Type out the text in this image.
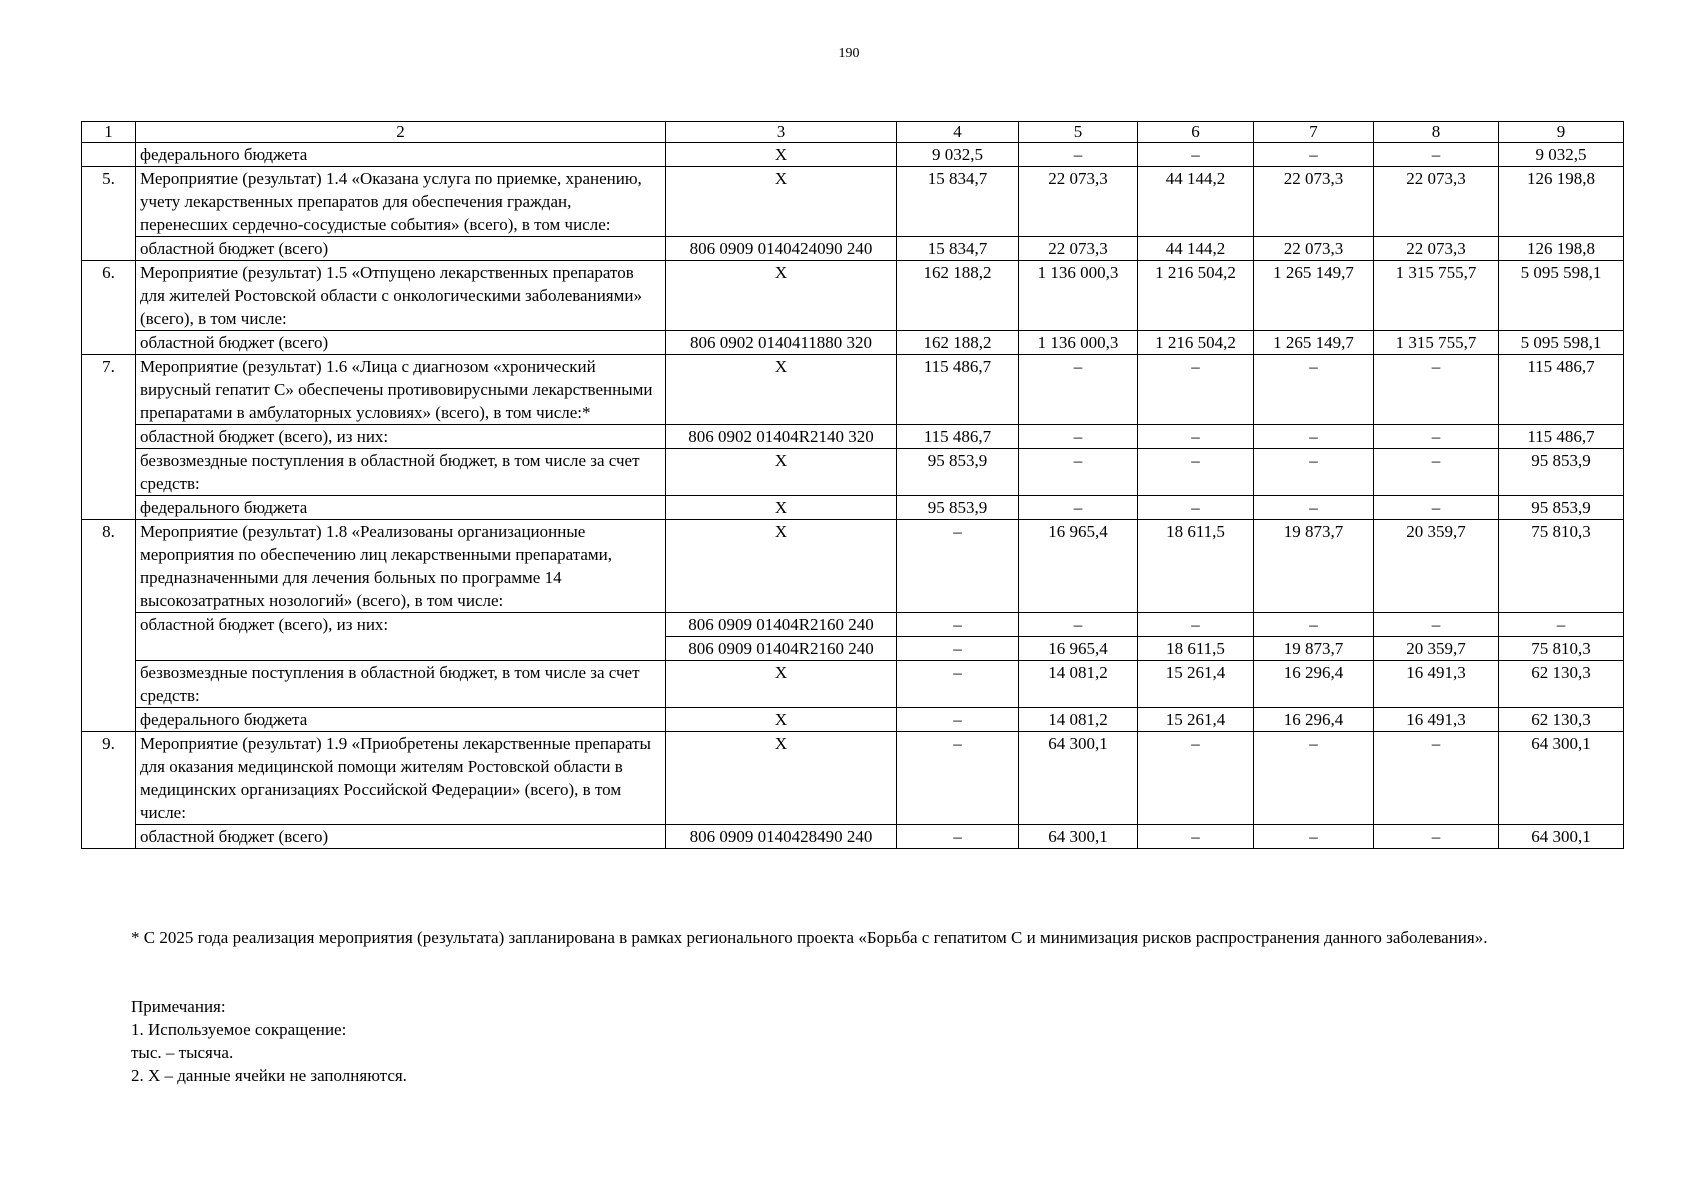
190
1	2	3	4	5	6	7	8	9
	федерального бюджета	Х	9 032,5	–	–	–	–	9 032,5
5.	Мероприятие (результат) 1.4 «Оказана услуга по приемке, хранению, учету лекарственных препаратов для обеспечения граждан, перенесших сердечно-сосудистые события» (всего), в том числе:	Х	15 834,7	22 073,3	44 144,2	22 073,3	22 073,3	126 198,8
	областной бюджет (всего)	806 0909 0140424090 240	15 834,7	22 073,3	44 144,2	22 073,3	22 073,3	126 198,8
6.	Мероприятие (результат) 1.5 «Отпущено лекарственных препаратов для жителей Ростовской области с онкологическими заболеваниями» (всего), в том числе:	Х	162 188,2	1 136 000,3	1 216 504,2	1 265 149,7	1 315 755,7	5 095 598,1
	областной бюджет (всего)	806 0902 0140411880 320	162 188,2	1 136 000,3	1 216 504,2	1 265 149,7	1 315 755,7	5 095 598,1
7.	Мероприятие (результат) 1.6 «Лица с диагнозом «хронический вирусный гепатит С» обеспечены противовирусными лекарственными препаратами в амбулаторных условиях» (всего), в том числе:*	Х	115 486,7	–	–	–	–	115 486,7
	областной бюджет (всего), из них:	806 0902 01404R2140 320	115 486,7	–	–	–	–	115 486,7
	безвозмездные поступления в областной бюджет, в том числе за счет средств:	Х	95 853,9	–	–	–	–	95 853,9
	федерального бюджета	Х	95 853,9	–	–	–	–	95 853,9
8.	Мероприятие (результат) 1.8 «Реализованы организационные мероприятия по обеспечению лиц лекарственными препаратами, предназначенными для лечения больных по программе 14 высокозатратных нозологий» (всего), в том числе:	Х	–	16 965,4	18 611,5	19 873,7	20 359,7	75 810,3
	областной бюджет (всего), из них:	806 0909 01404R2160 240	–	–	–	–	–	–
		806 0909 01404R2160 240	–	16 965,4	18 611,5	19 873,7	20 359,7	75 810,3
	безвозмездные поступления в областной бюджет, в том числе за счет средств:	Х	–	14 081,2	15 261,4	16 296,4	16 491,3	62 130,3
	федерального бюджета	Х	–	14 081,2	15 261,4	16 296,4	16 491,3	62 130,3
9.	Мероприятие (результат) 1.9 «Приобретены лекарственные препараты для оказания медицинской помощи жителям Ростовской области в медицинских организациях Российской Федерации» (всего), в том числе:	Х	–	64 300,1	–	–	–	64 300,1
	областной бюджет (всего)	806 0909 0140428490 240	–	64 300,1	–	–	–	64 300,1

* С 2025 года реализация мероприятия (результата) запланирована в рамках регионального проекта «Борьба с гепатитом С и минимизация рисков распространения данного заболевания».

Примечания:
1. Используемое сокращение:
тыс. – тысяча.
2. Х – данные ячейки не заполняются.
